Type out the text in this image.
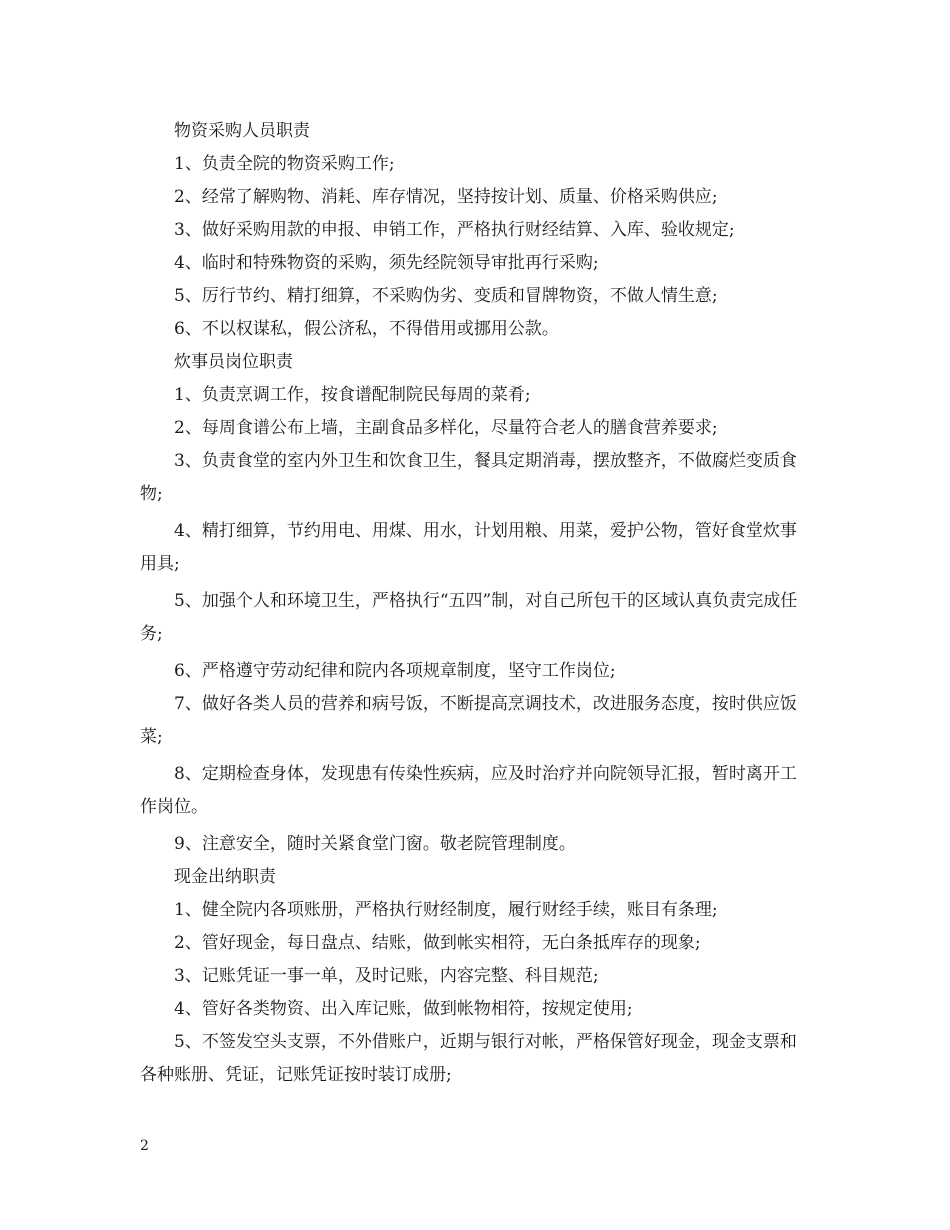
物资采购人员职责

1、负责全院的物资采购工作;

2、经常了解购物、消耗、库存情况，坚持按计划、质量、价格采购供应;

3、做好采购用款的申报、申销工作，严格执行财经结算、入库、验收规定;

4、临时和特殊物资的采购，须先经院领导审批再行采购;

5、厉行节约、精打细算，不采购伪劣、变质和冒牌物资，不做人情生意;

6、不以权谋私，假公济私，不得借用或挪用公款。

炊事员岗位职责

1、负责烹调工作，按食谱配制院民每周的菜肴;

2、每周食谱公布上墙，主副食品多样化，尽量符合老人的膳食营养要求;

3、负责食堂的室内外卫生和饮食卫生，餐具定期消毒，摆放整齐，不做腐烂变质食物;

4、精打细算，节约用电、用煤、用水，计划用粮、用菜，爱护公物，管好食堂炊事用具;

5、加强个人和环境卫生，严格执行“五四”制，对自己所包干的区域认真负责完成任务;

6、严格遵守劳动纪律和院内各项规章制度，坚守工作岗位;

7、做好各类人员的营养和病号饭，不断提高烹调技术，改进服务态度，按时供应饭菜;

8、定期检查身体，发现患有传染性疾病，应及时治疗并向院领导汇报，暂时离开工作岗位。

9、注意安全，随时关紧食堂门窗。敬老院管理制度。

现金出纳职责

1、健全院内各项账册，严格执行财经制度，履行财经手续，账目有条理;

2、管好现金，每日盘点、结账，做到帐实相符，无白条抵库存的现象;

3、记账凭证一事一单，及时记账，内容完整、科目规范;

4、管好各类物资、出入库记账，做到帐物相符，按规定使用;

5、不签发空头支票，不外借账户，近期与银行对帐，严格保管好现金，现金支票和各种账册、凭证，记账凭证按时装订成册;

2
